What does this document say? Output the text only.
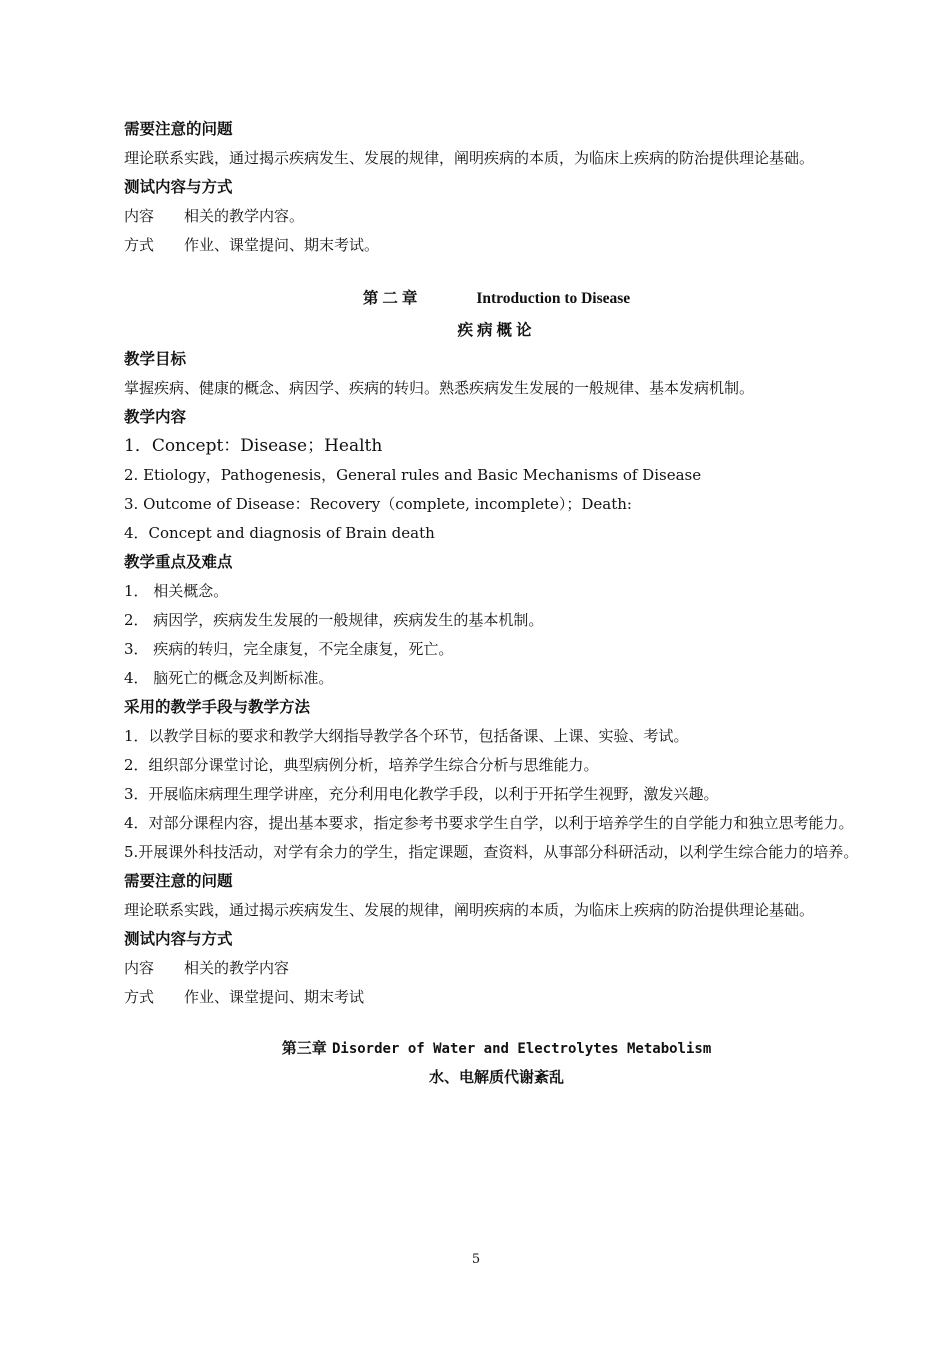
需要注意的问题
理论联系实践，通过揭示疾病发生、发展的规律，阐明疾病的本质，为临床上疾病的防治提供理论基础。
测试内容与方式
内容 相关的教学内容。
方式 作业、课堂提问、期末考试。
第二章	Introduction to Disease
疾病概论
教学目标
掌握疾病、健康的概念、病因学、疾病的转归。熟悉疾病发生发展的一般规律、基本发病机制。
教学内容
1．Concept：Disease；Health
2. Etiology，Pathogenesis，General rules and Basic Mechanisms of Disease
3. Outcome of Disease：Recovery（complete, incomplete）；Death:
4．Concept and diagnosis of Brain death
教学重点及难点
1． 相关概念。
2． 病因学，疾病发生发展的一般规律，疾病发生的基本机制。
3． 疾病的转归，完全康复，不完全康复，死亡。
4． 脑死亡的概念及判断标准。
采用的教学手段与教学方法
1．以教学目标的要求和教学大纲指导教学各个环节，包括备课、上课、实验、考试。
2．组织部分课堂讨论，典型病例分析，培养学生综合分析与思维能力。
3．开展临床病理生理学讲座，充分利用电化教学手段，以利于开拓学生视野，激发兴趣。
4．对部分课程内容，提出基本要求，指定参考书要求学生自学，以利于培养学生的自学能力和独立思考能力。
5.开展课外科技活动，对学有余力的学生，指定课题，查资料，从事部分科研活动，以利学生综合能力的培养。
需要注意的问题
理论联系实践，通过揭示疾病发生、发展的规律，阐明疾病的本质，为临床上疾病的防治提供理论基础。
测试内容与方式
内容 相关的教学内容
方式 作业、课堂提问、期末考试
第三章 Disorder of Water and Electrolytes Metabolism
水、电解质代谢紊乱
5
